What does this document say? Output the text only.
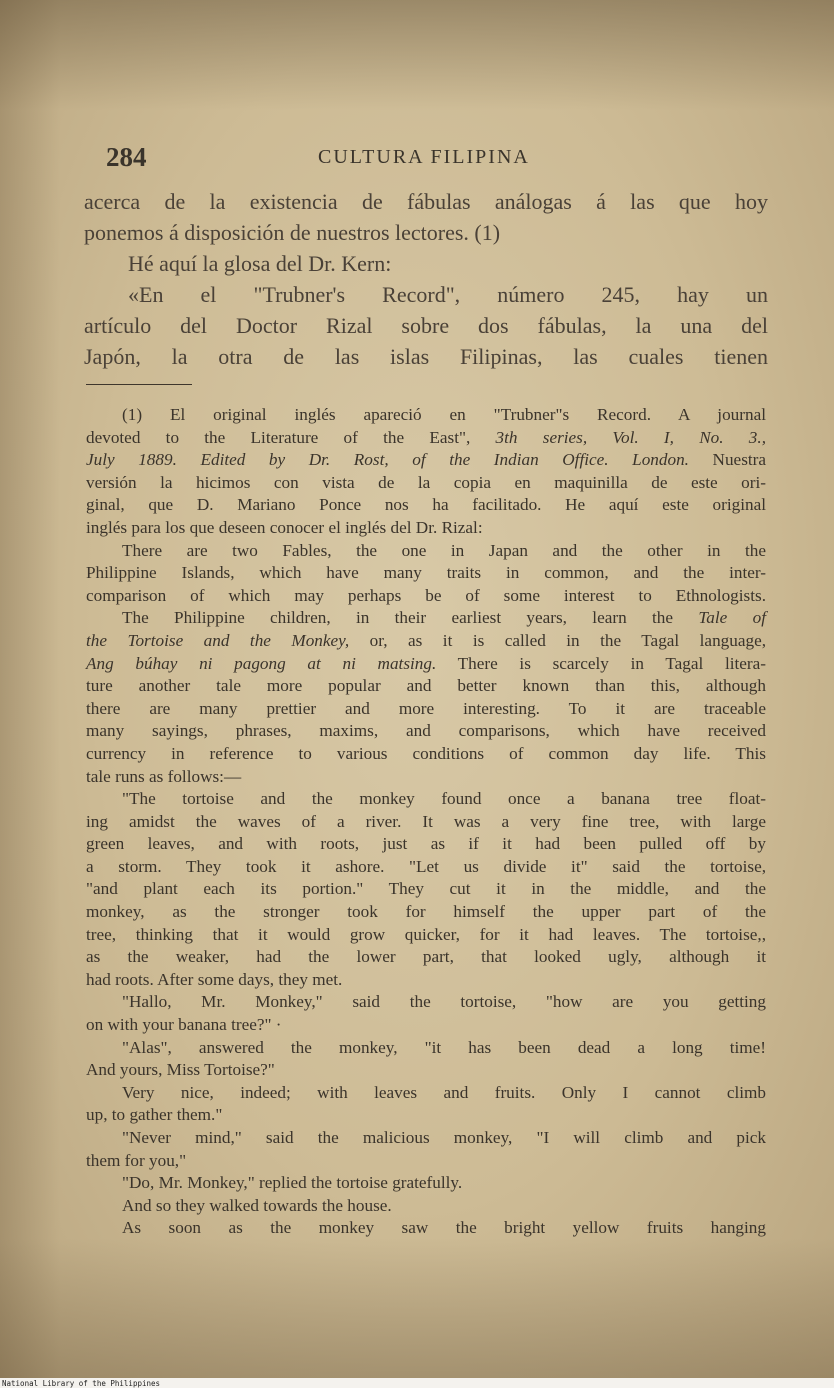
284	CULTURA FILIPINA
acerca de la existencia de fábulas análogas á las que hoy
ponemos á disposición de nuestros lectores. (1)
Hé aquí la glosa del Dr. Kern:
«En el "Trubner's Record", número 245, hay un
artículo del Doctor Rizal sobre dos fábulas, la una del
Japón, la otra de las islas Filipinas, las cuales tienen
(1) El original inglés apareció en "Trubner"s Record. A journal
devoted to the Literature of the East", 3th series, Vol. I, No. 3.,
July 1889. Edited by Dr. Rost, of the Indian Office. London. Nuestra
versión la hicimos con vista de la copia en maquinilla de este ori-
ginal, que D. Mariano Ponce nos ha facilitado. He aquí este original
inglés para los que deseen conocer el inglés del Dr. Rizal:
There are two Fables, the one in Japan and the other in the
Philippine Islands, which have many traits in common, and the inter-
comparison of which may perhaps be of some interest to Ethnologists.
The Philippine children, in their earliest years, learn the Tale of
the Tortoise and the Monkey, or, as it is called in the Tagal language,
Ang búhay ni pagong at ni matsing. There is scarcely in Tagal litera-
ture another tale more popular and better known than this, although
there are many prettier and more interesting. To it are traceable
many sayings, phrases, maxims, and comparisons, which have received
currency in reference to various conditions of common day life. This
tale runs as follows:—
"The tortoise and the monkey found once a banana tree float-
ing amidst the waves of a river. It was a very fine tree, with large
green leaves, and with roots, just as if it had been pulled off by
a storm. They took it ashore. "Let us divide it" said the tortoise,
"and plant each its portion." They cut it in the middle, and the
monkey, as the stronger took for himself the upper part of the
tree, thinking that it would grow quicker, for it had leaves. The tortoise,,
as the weaker, had the lower part, that looked ugly, although it
had roots. After some days, they met.
"Hallo, Mr. Monkey," said the tortoise, "how are you getting
on with your banana tree?" ·
"Alas", answered the monkey, "it has been dead a long time!
And yours, Miss Tortoise?"
Very nice, indeed; with leaves and fruits. Only I cannot climb
up, to gather them."
"Never mind," said the malicious monkey, "I will climb and pick
them for you,"
"Do, Mr. Monkey," replied the tortoise gratefully.
And so they walked towards the house.
As soon as the monkey saw the bright yellow fruits hanging
National Library of the Philippines
